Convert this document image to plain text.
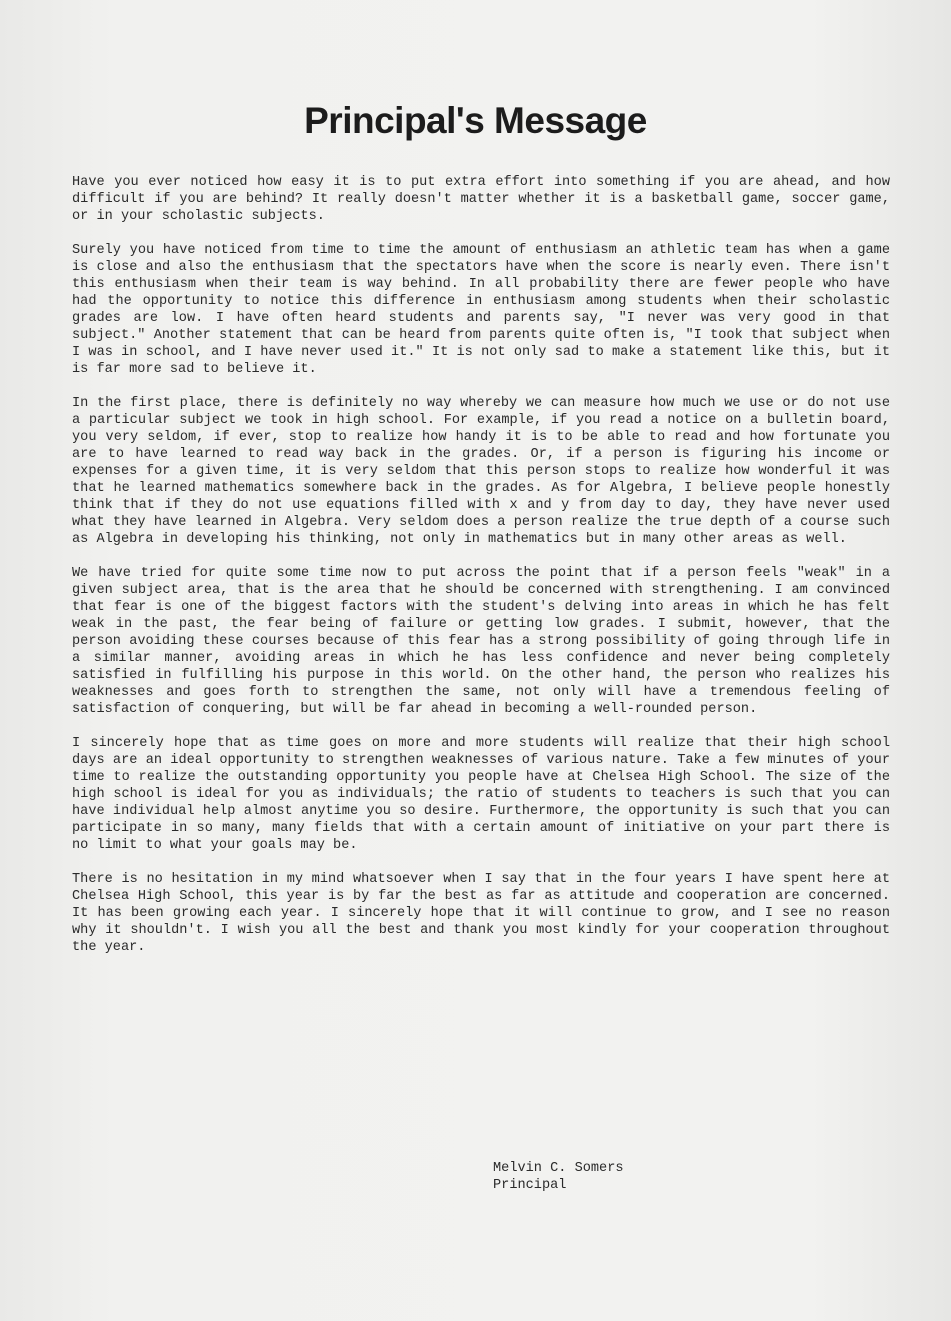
Principal's Message

Have you ever noticed how easy it is to put extra effort into something if you are ahead, and how difficult if you are behind? It really doesn't matter whether it is a basketball game, soccer game, or in your scholastic subjects.

Surely you have noticed from time to time the amount of enthusiasm an athletic team has when a game is close and also the enthusiasm that the spectators have when the score is nearly even. There isn't this enthusiasm when their team is way behind. In all probability there are fewer people who have had the opportunity to notice this difference in enthusiasm among students when their scholastic grades are low. I have often heard students and parents say, "I never was very good in that subject." Another statement that can be heard from parents quite often is, "I took that subject when I was in school, and I have never used it." It is not only sad to make a statement like this, but it is far more sad to believe it.

In the first place, there is definitely no way whereby we can measure how much we use or do not use a particular subject we took in high school. For example, if you read a notice on a bulletin board, you very seldom, if ever, stop to realize how handy it is to be able to read and how fortunate you are to have learned to read way back in the grades. Or, if a person is figuring his income or expenses for a given time, it is very seldom that this person stops to realize how wonderful it was that he learned mathematics somewhere back in the grades. As for Algebra, I believe people honestly think that if they do not use equations filled with x and y from day to day, they have never used what they have learned in Algebra. Very seldom does a person realize the true depth of a course such as Algebra in developing his thinking, not only in mathematics but in many other areas as well.

We have tried for quite some time now to put across the point that if a person feels "weak" in a given subject area, that is the area that he should be concerned with strengthening. I am convinced that fear is one of the biggest factors with the student's delving into areas in which he has felt weak in the past, the fear being of failure or getting low grades. I submit, however, that the person avoiding these courses because of this fear has a strong possibility of going through life in a similar manner, avoiding areas in which he has less confidence and never being completely satisfied in fulfilling his purpose in this world. On the other hand, the person who realizes his weaknesses and goes forth to strengthen the same, not only will have a tremendous feeling of satisfaction of conquering, but will be far ahead in becoming a well-rounded person.

I sincerely hope that as time goes on more and more students will realize that their high school days are an ideal opportunity to strengthen weaknesses of various nature. Take a few minutes of your time to realize the outstanding opportunity you people have at Chelsea High School. The size of the high school is ideal for you as individuals; the ratio of students to teachers is such that you can have individual help almost anytime you so desire. Furthermore, the opportunity is such that you can participate in so many, many fields that with a certain amount of initiative on your part there is no limit to what your goals may be.

There is no hesitation in my mind whatsoever when I say that in the four years I have spent here at Chelsea High School, this year is by far the best as far as attitude and cooperation are concerned. It has been growing each year. I sincerely hope that it will continue to grow, and I see no reason why it shouldn't. I wish you all the best and thank you most kindly for your cooperation throughout the year.

Melvin C. Somers
Principal
